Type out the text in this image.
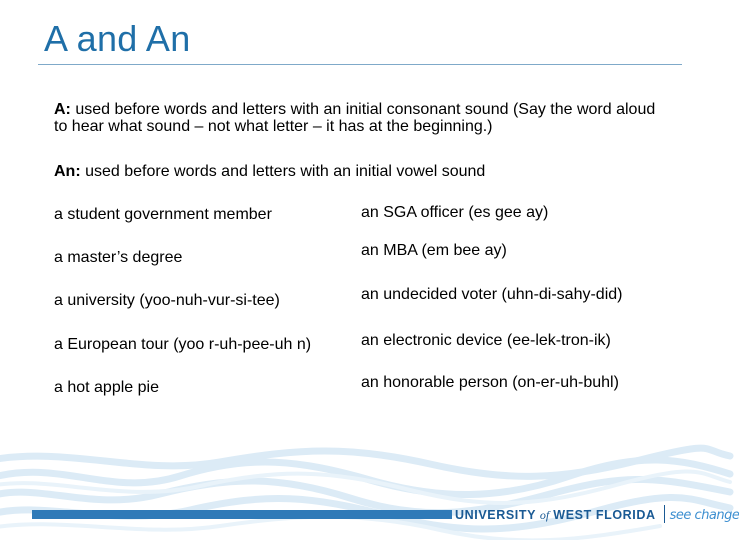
A and An
A: used before words and letters with an initial consonant sound (Say the word aloud to hear what sound – not what letter – it has at the beginning.)
An: used before words and letters with an initial vowel sound
a student government member
a master’s degree
a university (yoo-nuh-vur-si-tee)
a European tour (yoo r-uh-pee-uh n)
a hot apple pie
an SGA officer (es gee ay)
an MBA (em bee ay)
an undecided voter (uhn-di-sahy-did)
an electronic device (ee-lek-tron-ik)
an honorable person (on-er-uh-buhl)
UNIVERSITY of WEST FLORIDA see change
